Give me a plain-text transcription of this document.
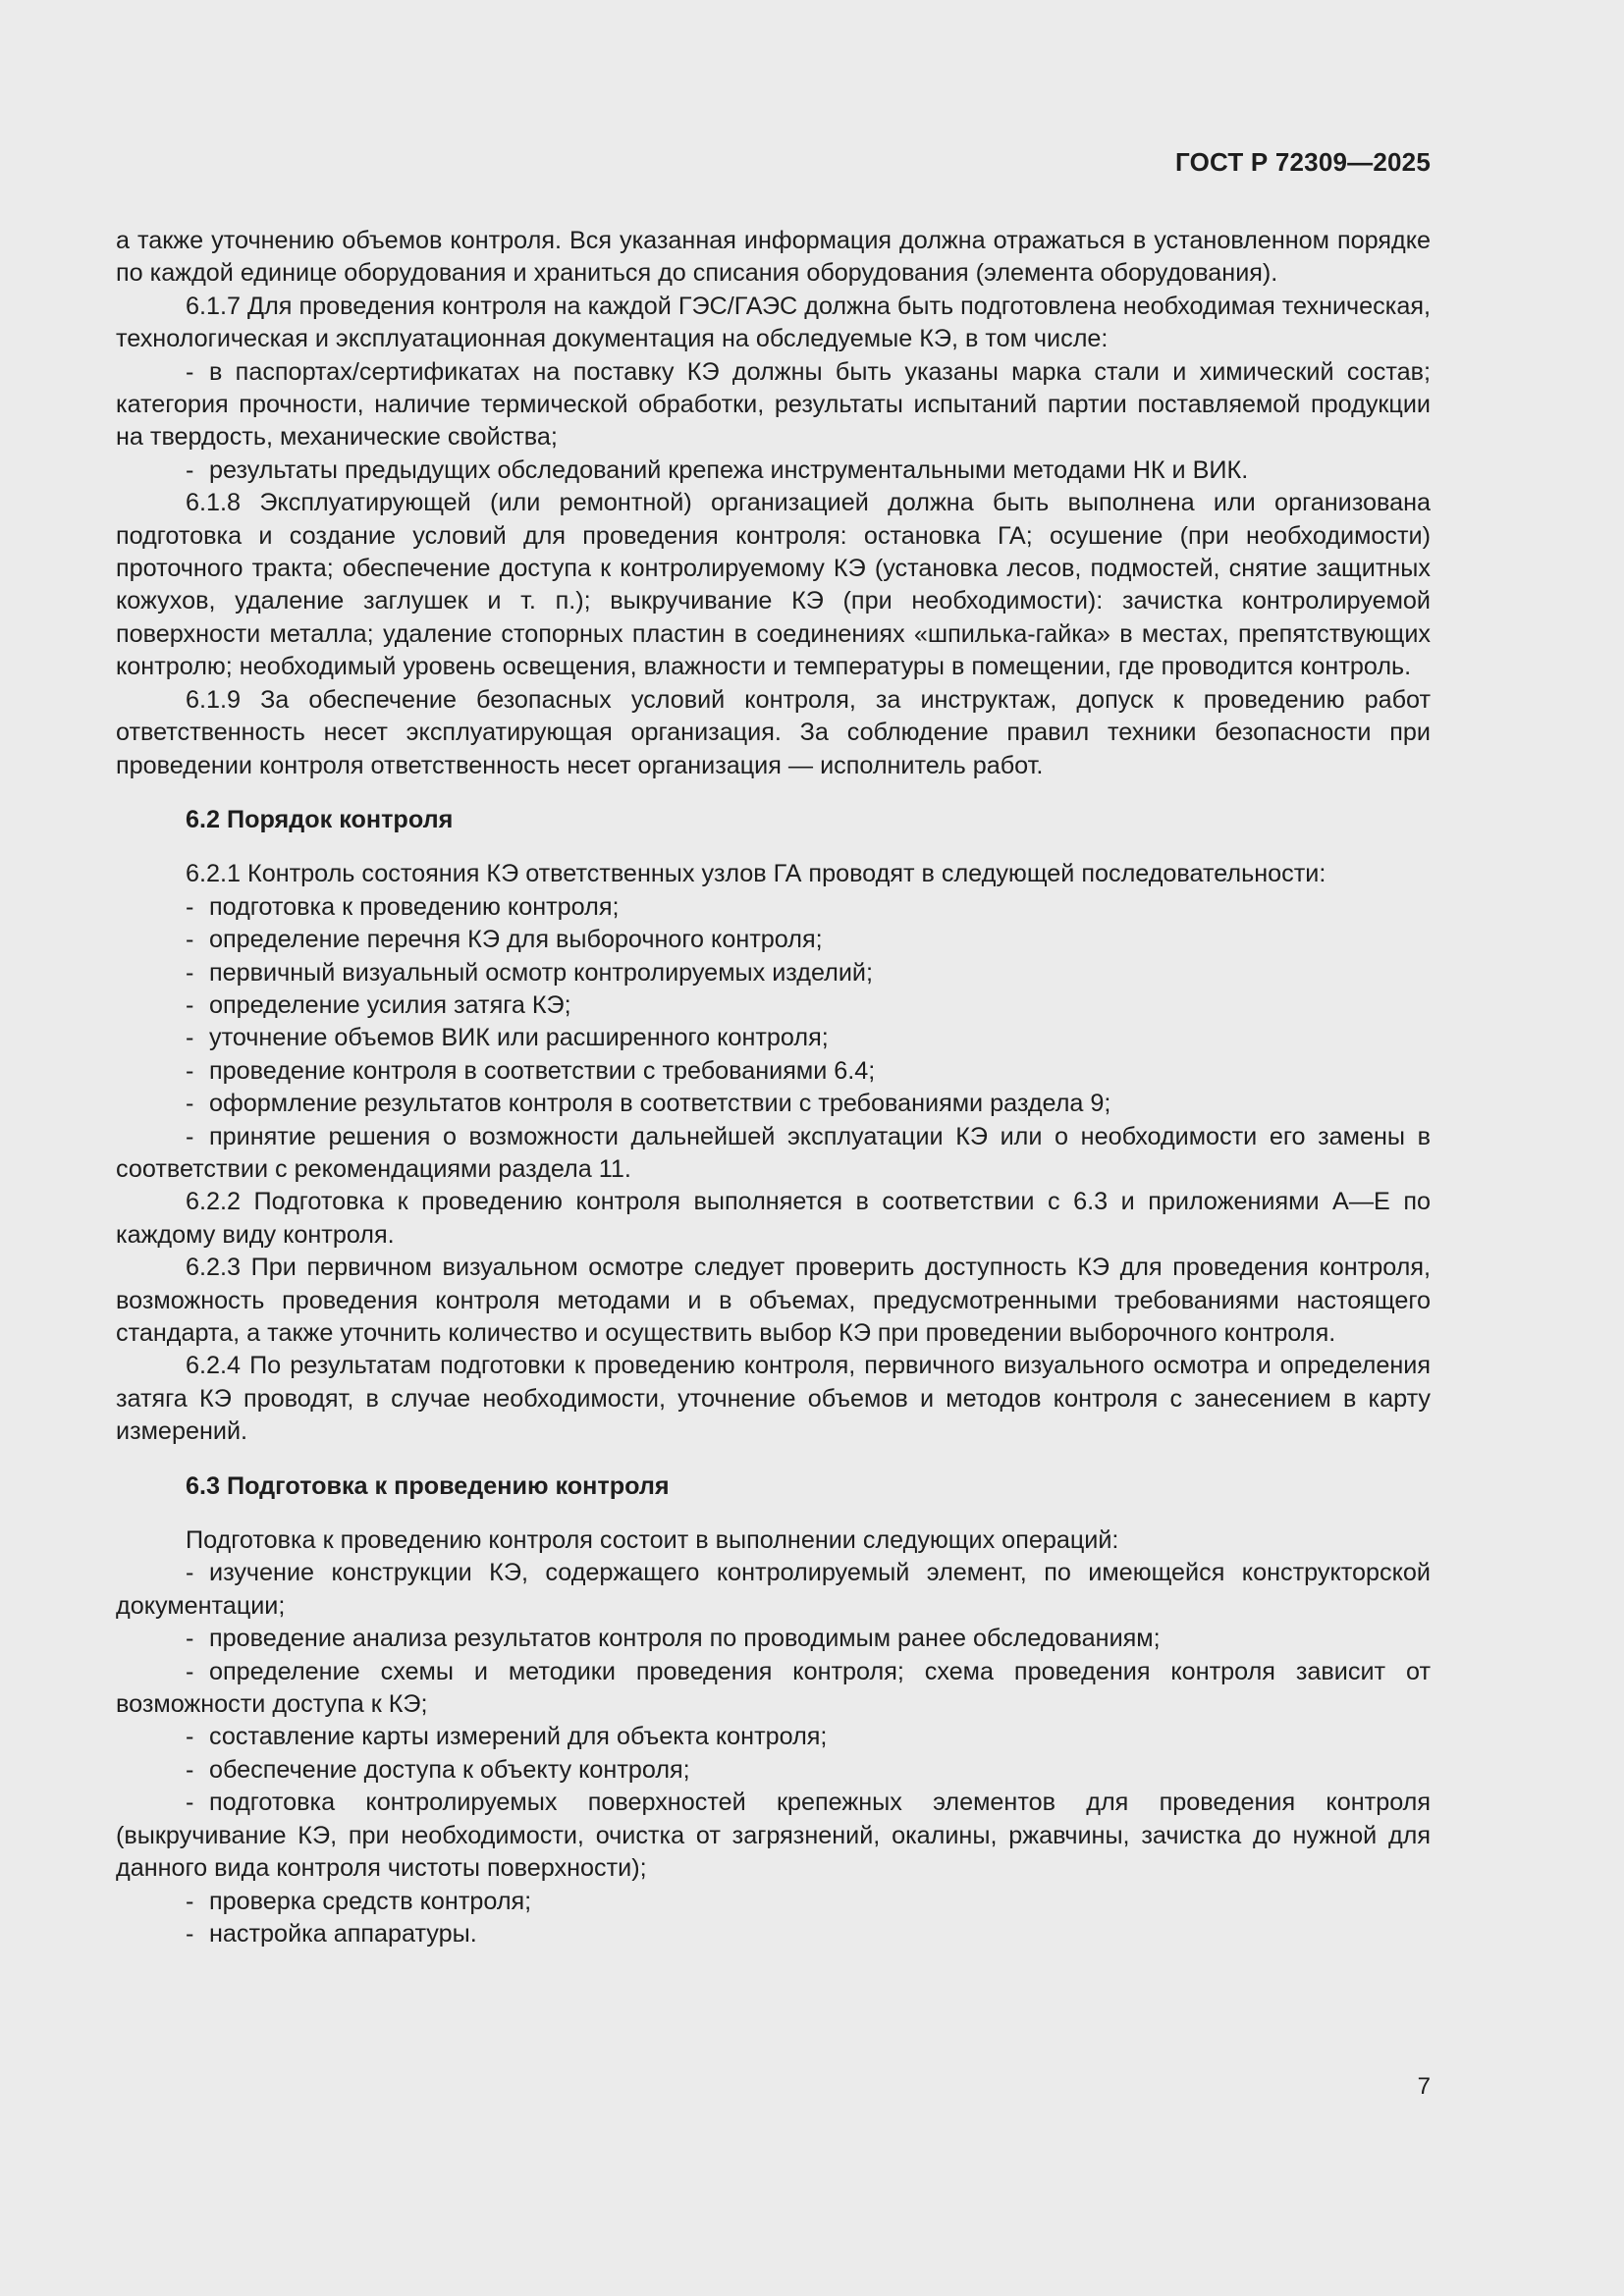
ГОСТ Р 72309—2025

а также уточнению объемов контроля. Вся указанная информация должна отражаться в установленном порядке по каждой единице оборудования и храниться до списания оборудования (элемента оборудования).

6.1.7 Для проведения контроля на каждой ГЭС/ГАЭС должна быть подготовлена необходимая техническая, технологическая и эксплуатационная документация на обследуемые КЭ, в том числе:

- в паспортах/сертификатах на поставку КЭ должны быть указаны марка стали и химический состав; категория прочности, наличие термической обработки, результаты испытаний партии поставляемой продукции на твердость, механические свойства;

- результаты предыдущих обследований крепежа инструментальными методами НК и ВИК.

6.1.8 Эксплуатирующей (или ремонтной) организацией должна быть выполнена или организована подготовка и создание условий для проведения контроля: остановка ГА; осушение (при необходимости) проточного тракта; обеспечение доступа к контролируемому КЭ (установка лесов, подмостей, снятие защитных кожухов, удаление заглушек и т. п.); выкручивание КЭ (при необходимости): зачистка контролируемой поверхности металла; удаление стопорных пластин в соединениях «шпилька-гайка» в местах, препятствующих контролю; необходимый уровень освещения, влажности и температуры в помещении, где проводится контроль.

6.1.9 За обеспечение безопасных условий контроля, за инструктаж, допуск к проведению работ ответственность несет эксплуатирующая организация. За соблюдение правил техники безопасности при проведении контроля ответственность несет организация — исполнитель работ.

6.2 Порядок контроля

6.2.1 Контроль состояния КЭ ответственных узлов ГА проводят в следующей последовательности:

- подготовка к проведению контроля;

- определение перечня КЭ для выборочного контроля;

- первичный визуальный осмотр контролируемых изделий;

- определение усилия затяга КЭ;

- уточнение объемов ВИК или расширенного контроля;

- проведение контроля в соответствии с требованиями 6.4;

- оформление результатов контроля в соответствии с требованиями раздела 9;

- принятие решения о возможности дальнейшей эксплуатации КЭ или о необходимости его замены в соответствии с рекомендациями раздела 11.

6.2.2 Подготовка к проведению контроля выполняется в соответствии с 6.3 и приложениями А—Е по каждому виду контроля.

6.2.3 При первичном визуальном осмотре следует проверить доступность КЭ для проведения контроля, возможность проведения контроля методами и в объемах, предусмотренными требованиями настоящего стандарта, а также уточнить количество и осуществить выбор КЭ при проведении выборочного контроля.

6.2.4 По результатам подготовки к проведению контроля, первичного визуального осмотра и определения затяга КЭ проводят, в случае необходимости, уточнение объемов и методов контроля с занесением в карту измерений.

6.3 Подготовка к проведению контроля

Подготовка к проведению контроля состоит в выполнении следующих операций:

- изучение конструкции КЭ, содержащего контролируемый элемент, по имеющейся конструкторской документации;

- проведение анализа результатов контроля по проводимым ранее обследованиям;

- определение схемы и методики проведения контроля; схема проведения контроля зависит от возможности доступа к КЭ;

- составление карты измерений для объекта контроля;

- обеспечение доступа к объекту контроля;

- подготовка контролируемых поверхностей крепежных элементов для проведения контроля (выкручивание КЭ, при необходимости, очистка от загрязнений, окалины, ржавчины, зачистка до нужной для данного вида контроля чистоты поверхности);

- проверка средств контроля;

- настройка аппаратуры.

7
